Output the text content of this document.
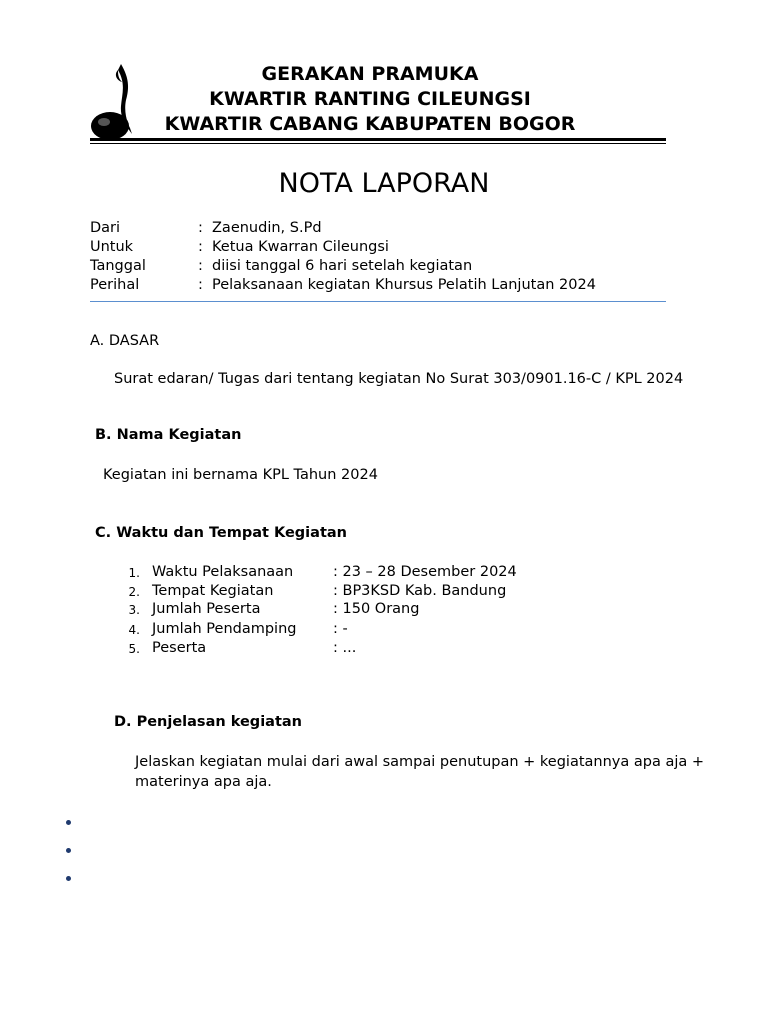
GERAKAN PRAMUKA
KWARTIR RANTING CILEUNGSI
KWARTIR CABANG KABUPATEN BOGOR
NOTA LAPORAN
Dari	: Zaenudin, S.Pd
Untuk	: Ketua Kwarran Cileungsi
Tanggal	: diisi tanggal 6 hari setelah kegiatan
Perihal	: Pelaksanaan kegiatan Khursus Pelatih Lanjutan 2024
A. DASAR
Surat edaran/ Tugas dari tentang kegiatan No Surat 303/0901.16-C / KPL 2024
B. Nama Kegiatan
Kegiatan ini bernama KPL Tahun 2024
C. Waktu dan Tempat Kegiatan
1. Waktu Pelaksanaan	: 23 – 28 Desember 2024
2. Tempat Kegiatan	: BP3KSD Kab. Bandung
3. Jumlah Peserta	: 150 Orang
4. Jumlah Pendamping	: -
5. Peserta	: ...
D. Penjelasan kegiatan
Jelaskan kegiatan mulai dari awal sampai penutupan + kegiatannya apa aja +
materinya apa aja.
